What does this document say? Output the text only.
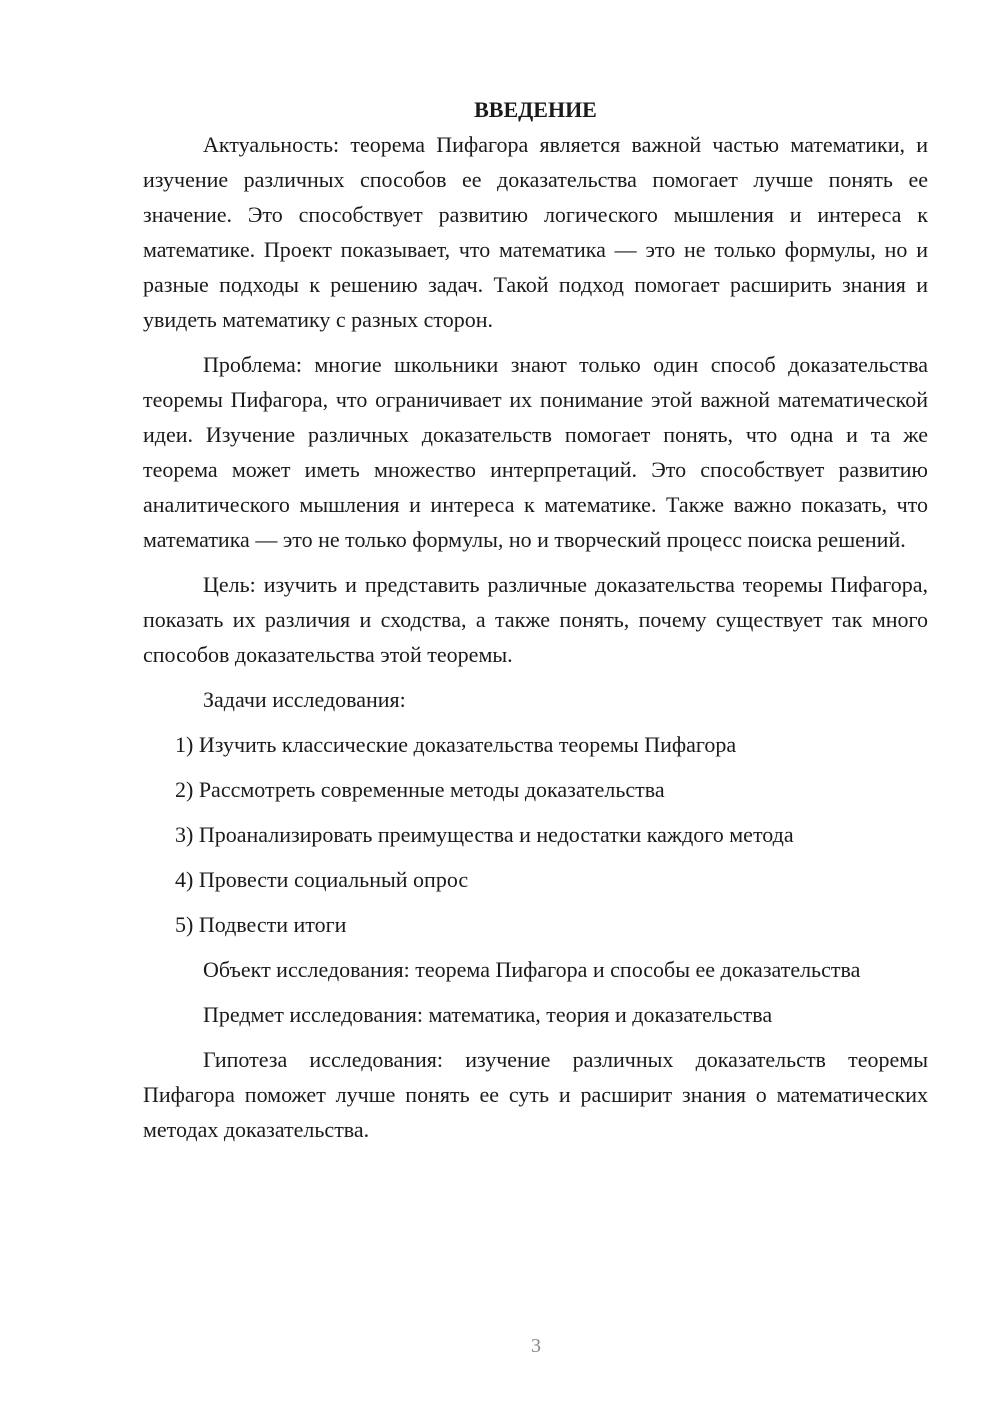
ВВЕДЕНИЕ

Актуальность: теорема Пифагора является важной частью математики, и изучение различных способов ее доказательства помогает лучше понять ее значение. Это способствует развитию логического мышления и интереса к математике. Проект показывает, что математика — это не только формулы, но и разные подходы к решению задач. Такой подход помогает расширить знания и увидеть математику с разных сторон.

Проблема: многие школьники знают только один способ доказательства теоремы Пифагора, что ограничивает их понимание этой важной математической идеи. Изучение различных доказательств помогает понять, что одна и та же теорема может иметь множество интерпретаций. Это способствует развитию аналитического мышления и интереса к математике. Также важно показать, что математика — это не только формулы, но и творческий процесс поиска решений.

Цель: изучить и представить различные доказательства теоремы Пифагора, показать их различия и сходства, а также понять, почему существует так много способов доказательства этой теоремы.

Задачи исследования:

1) Изучить классические доказательства теоремы Пифагора
2) Рассмотреть современные методы доказательства
3) Проанализировать преимущества и недостатки каждого метода
4) Провести социальный опрос
5) Подвести итоги

Объект исследования: теорема Пифагора и способы ее доказательства

Предмет исследования: математика, теория и доказательства

Гипотеза исследования: изучение различных доказательств теоремы Пифагора поможет лучше понять ее суть и расширит знания о математических методах доказательства.

3
